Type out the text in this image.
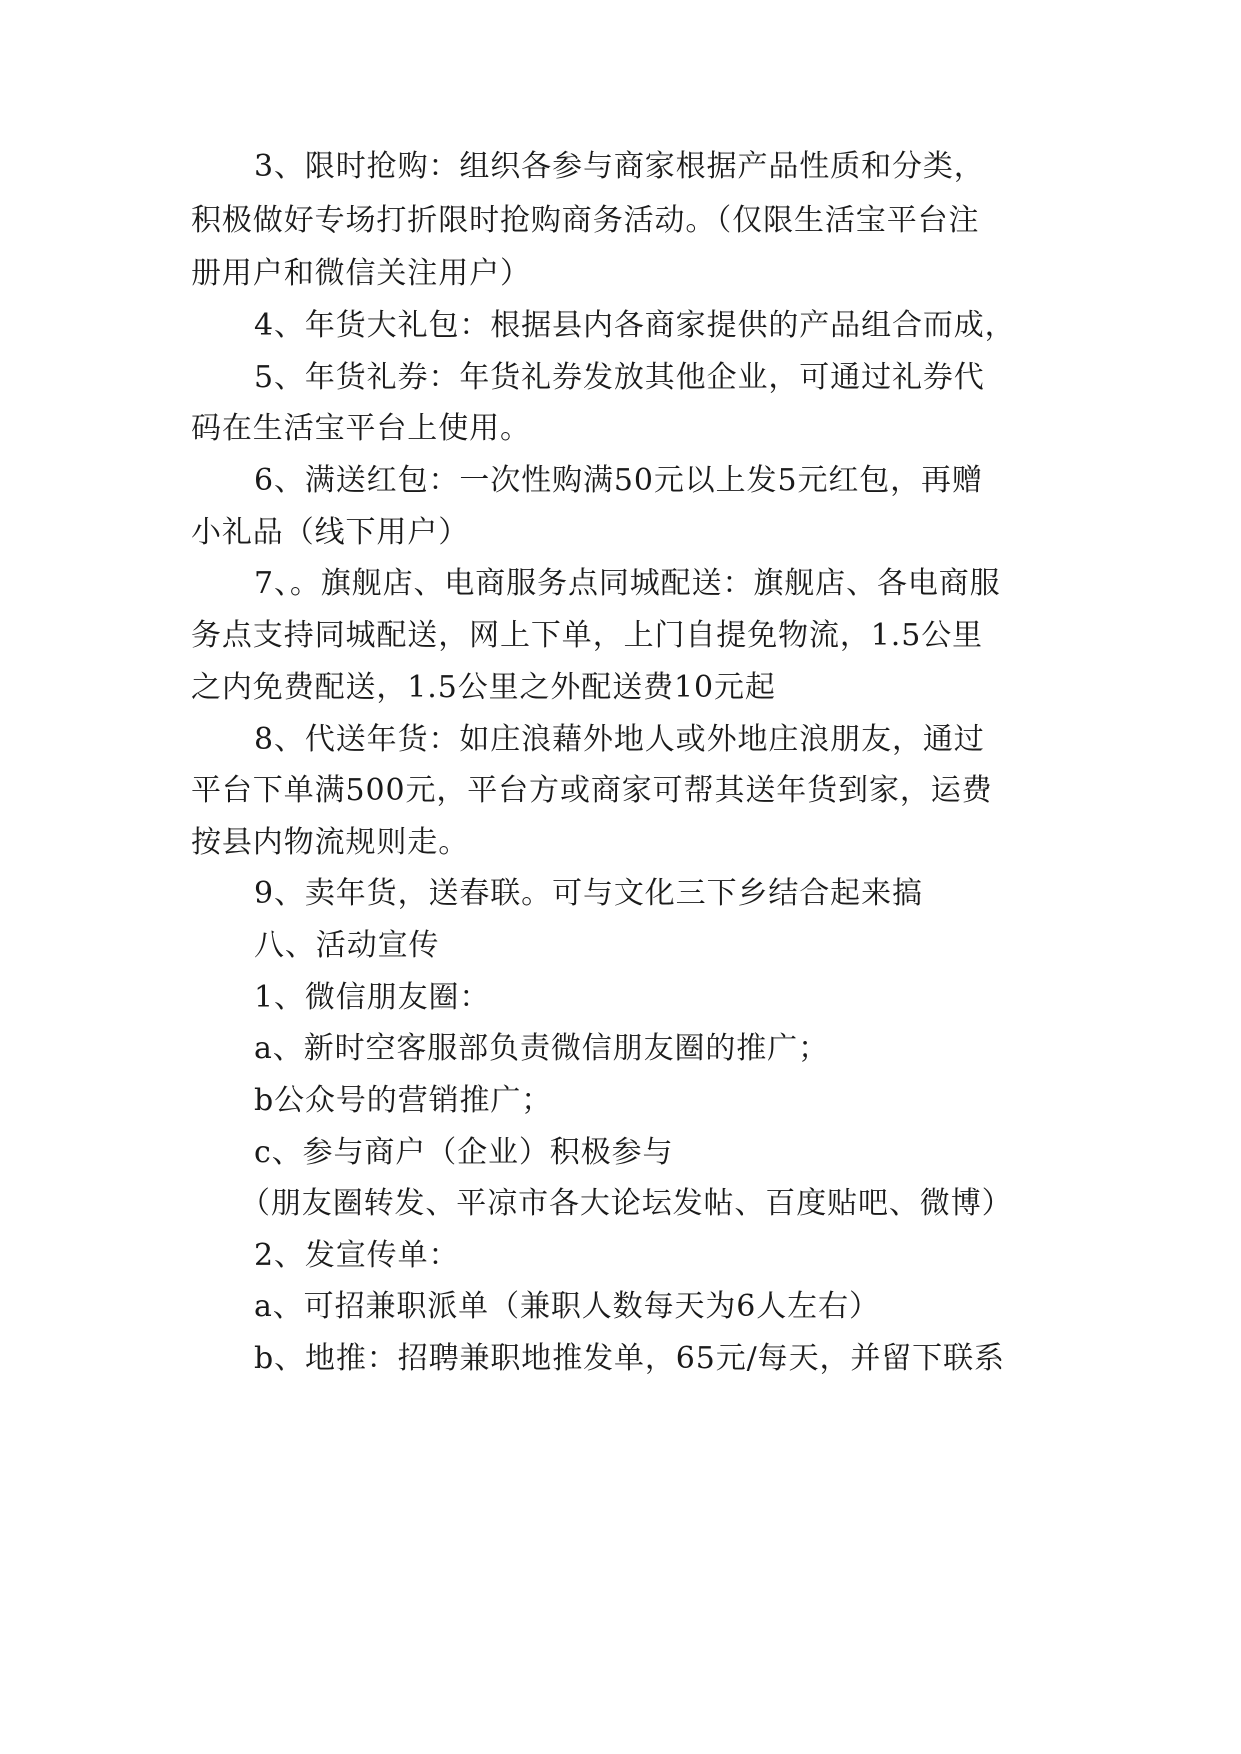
3、限时抢购：组织各参与商家根据产品性质和分类，
积极做好专场打折限时抢购商务活动。（仅限生活宝平台注
册用户和微信关注用户）
4、年货大礼包：根据县内各商家提供的产品组合而成，
5、年货礼券：年货礼券发放其他企业，可通过礼券代
码在生活宝平台上使用。
6、满送红包：一次性购满50元以上发5元红包，再赠
小礼品（线下用户）
7、。旗舰店、电商服务点同城配送：旗舰店、各电商服
务点支持同城配送，网上下单，上门自提免物流，1.5公里
之内免费配送，1.5公里之外配送费10元起
8、代送年货：如庄浪藉外地人或外地庄浪朋友，通过
平台下单满500元，平台方或商家可帮其送年货到家，运费
按县内物流规则走。
9、卖年货，送春联。可与文化三下乡结合起来搞
八、活动宣传
1、微信朋友圈：
a、新时空客服部负责微信朋友圈的推广；
b公众号的营销推广；
c、参与商户（企业）积极参与
（朋友圈转发、平凉市各大论坛发帖、百度贴吧、微博）
2、发宣传单：
a、可招兼职派单（兼职人数每天为6人左右）
b、地推：招聘兼职地推发单，65元/每天，并留下联系
